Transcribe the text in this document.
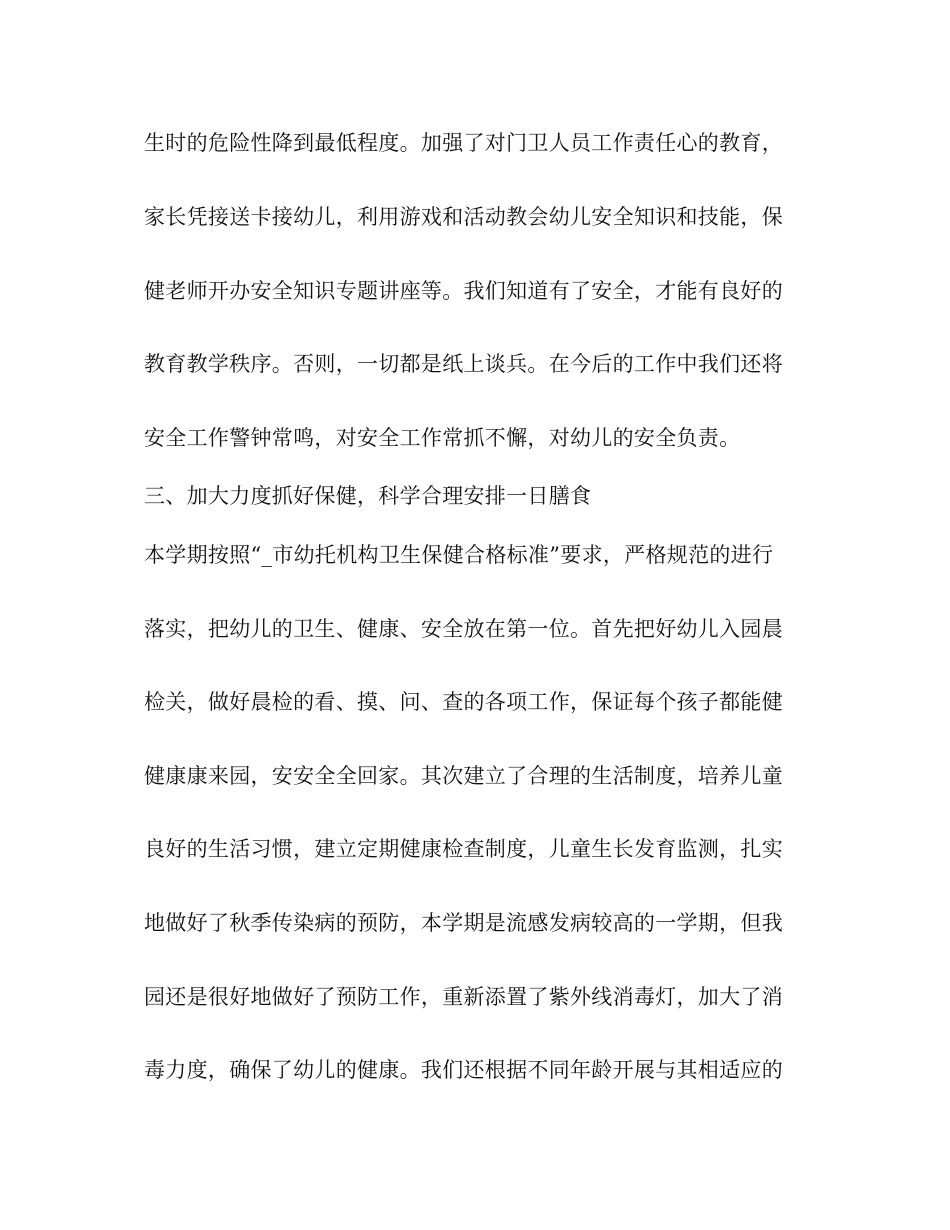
生时的危险性降到最低程度。加强了对门卫人员工作责任心的教育，
家长凭接送卡接幼儿，利用游戏和活动教会幼儿安全知识和技能，保
健老师开办安全知识专题讲座等。我们知道有了安全，才能有良好的
教育教学秩序。否则，一切都是纸上谈兵。在今后的工作中我们还将
安全工作警钟常鸣，对安全工作常抓不懈，对幼儿的安全负责。
三、加大力度抓好保健，科学合理安排一日膳食
本学期按照“_市幼托机构卫生保健合格标准”要求，严格规范的进行
落实，把幼儿的卫生、健康、安全放在第一位。首先把好幼儿入园晨
检关，做好晨检的看、摸、问、查的各项工作，保证每个孩子都能健
健康康来园，安安全全回家。其次建立了合理的生活制度，培养儿童
良好的生活习惯，建立定期健康检查制度，儿童生长发育监测，扎实
地做好了秋季传染病的预防，本学期是流感发病较高的一学期，但我
园还是很好地做好了预防工作，重新添置了紫外线消毒灯，加大了消
毒力度，确保了幼儿的健康。我们还根据不同年龄开展与其相适应的
